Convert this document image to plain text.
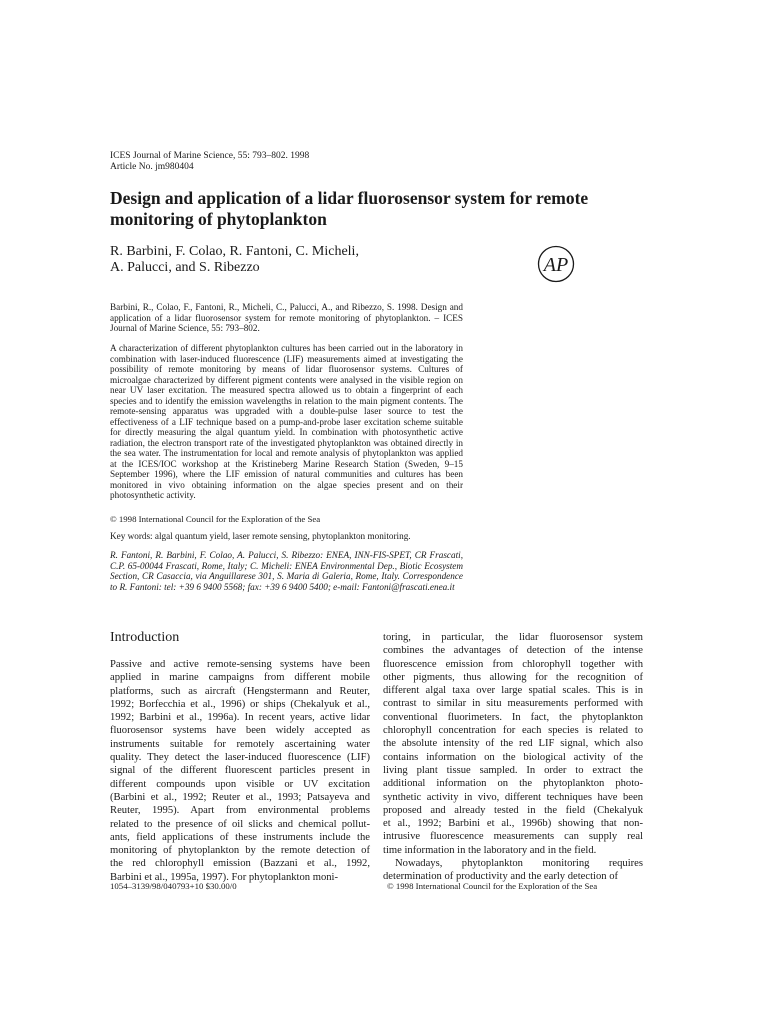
ICES Journal of Marine Science, 55: 793–802. 1998
Article No. jm980404
Design and application of a lidar fluorosensor system for remote
monitoring of phytoplankton
R. Barbini, F. Colao, R. Fantoni, C. Micheli,
A. Palucci, and S. Ribezzo	AP
Barbini, R., Colao, F., Fantoni, R., Micheli, C., Palucci, A., and Ribezzo, S. 1998. Design and application of a lidar fluorosensor system for remote monitoring of phytoplankton. – ICES Journal of Marine Science, 55: 793–802.
A characterization of different phytoplankton cultures has been carried out in the laboratory in combination with laser-induced fluorescence (LIF) measurements aimed at investigating the possibility of remote monitoring by means of lidar fluorosensor systems. Cultures of microalgae characterized by different pigment contents were analysed in the visible region on near UV laser excitation. The measured spectra allowed us to obtain a fingerprint of each species and to identify the emission wavelengths in relation to the main pigment contents. The remote-sensing apparatus was upgraded with a double-pulse laser source to test the effectiveness of a LIF technique based on a pump-and-probe laser excitation scheme suitable for directly measuring the algal quantum yield. In combination with photosynthetic active radiation, the electron transport rate of the investigated phytoplankton was obtained directly in the sea water. The instrumentation for local and remote analysis of phytoplankton was applied at the ICES/IOC workshop at the Kristineberg Marine Research Station (Sweden, 9–15 September 1996), where the LIF emission of natural communities and cultures has been monitored in vivo obtaining information on the algae species present and on their photosynthetic activity.
© 1998 International Council for the Exploration of the Sea
Key words: algal quantum yield, laser remote sensing, phytoplankton monitoring.
R. Fantoni, R. Barbini, F. Colao, A. Palucci, S. Ribezzo: ENEA, INN-FIS-SPET, CR Frascati, C.P. 65-00044 Frascati, Rome, Italy; C. Micheli: ENEA Environmental Dep., Biotic Ecosystem Section, CR Casaccia, via Anguillarese 301, S. Maria di Galeria, Rome, Italy. Correspondence to R. Fantoni: tel: +39 6 9400 5568; fax: +39 6 9400 5400; e-mail: Fantoni@frascati.enea.it
Introduction
Passive and active remote-sensing systems have been
applied in marine campaigns from different mobile
platforms, such as aircraft (Hengstermann and Reuter,
1992; Borfecchia et al., 1996) or ships (Chekalyuk et al.,
1992; Barbini et al., 1996a). In recent years, active lidar
fluorosensor systems have been widely accepted as
instruments suitable for remotely ascertaining water
quality. They detect the laser-induced fluorescence (LIF)
signal of the different fluorescent particles present in
different compounds upon visible or UV excitation
(Barbini et al., 1992; Reuter et al., 1993; Patsayeva and
Reuter, 1995). Apart from environmental problems
related to the presence of oil slicks and chemical pollut-
ants, field applications of these instruments include the
monitoring of phytoplankton by the remote detection of
the red chlorophyll emission (Bazzani et al., 1992,
Barbini et al., 1995a, 1997). For phytoplankton moni-
toring, in particular, the lidar fluorosensor system
combines the advantages of detection of the intense
fluorescence emission from chlorophyll together with
other pigments, thus allowing for the recognition of
different algal taxa over large spatial scales. This is in
contrast to similar in situ measurements performed with
conventional fluorimeters. In fact, the phytoplankton
chlorophyll concentration for each species is related to
the absolute intensity of the red LIF signal, which also
contains information on the biological activity of the
living plant tissue sampled. In order to extract the
additional information on the phytoplankton photo-
synthetic activity in vivo, different techniques have been
proposed and already tested in the field (Chekalyuk
et al., 1992; Barbini et al., 1996b) showing that non-
intrusive fluorescence measurements can supply real
time information in the laboratory and in the field.
Nowadays, phytoplankton monitoring requires
determination of productivity and the early detection of
1054–3139/98/040793+10 $30.00/0	© 1998 International Council for the Exploration of the Sea
